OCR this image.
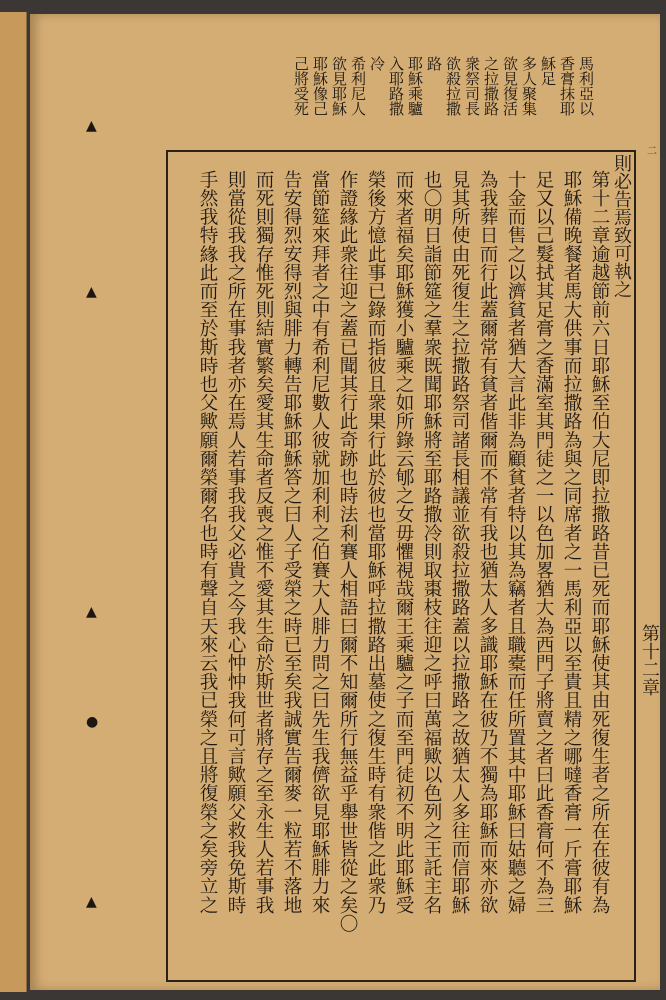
▲
▲
▲
●
▲
馬利亞以
香膏抹耶
穌足
多人聚集
欲見復活
之拉撒路
衆祭司長
欲殺拉撒
路
耶穌乘驢
入耶路撒
冷
希利尼人
欲見耶穌
耶穌像己
己將受死
第十二章逾越節前六日耶穌至伯大尼即拉撒路昔已死而耶穌使其由死復生者之所在在彼有為
耶穌備晚餐者馬大供事而拉撒路為與之同席者之一馬利亞以至貴且精之哪噠香膏一斤膏耶穌
足又以己髮拭其足膏之香滿室其門徒之一以色加畧猶大為西門子將賣之者曰此香膏何不為三
十金而售之以濟貧者猶大言此非為顧貧者特以其為竊者且職橐而任所置其中耶穌曰姑聽之婦
為我葬日而行此蓋爾常有貧者偕爾而不常有我也猶太人多識耶穌在彼乃不獨為耶穌而來亦欲
見其所使由死復生之拉撒路祭司諸長相議並欲殺拉撒路蓋以拉撒路之故猶太人多往而信耶穌
也〇明日詣節筵之羣衆既聞耶穌將至耶路撒冷則取棗枝往迎之呼曰萬福歟以色列之王託主名
而來者福矣耶穌獲小驢乘之如所錄云郇之女毋懼視哉爾王乘驢之子而至門徒初不明此耶穌受
榮後方憶此事已錄而指彼且衆果行此於彼也當耶穌呼拉撒路出墓使之復生時有衆偕之此衆乃
作證緣此衆往迎之蓋已聞其行此奇跡也時法利賽人相語曰爾不知爾所行無益乎舉世皆從之矣〇
當節筵來拜者之中有希利尼數人彼就加利利之伯賽大人腓力問之曰先生我儕欲見耶穌腓力來
告安得烈安得烈與腓力轉告耶穌耶穌答之曰人子受榮之時已至矣我誠實告爾麥一粒若不落地
而死則獨存惟死則結實繁矣愛其生命者反喪之惟不愛其生命於斯世者將存之至永生人若事我
則當從我我之所在事我者亦在焉人若事我我父必貴之今我心忡忡我何可言歟願父救我免斯時
手然我特緣此而至於斯時也父歟願爾榮爾名也時有聲自天來云我已榮之且將復榮之矣旁立之	則必告焉致可執之
第十二章
二
